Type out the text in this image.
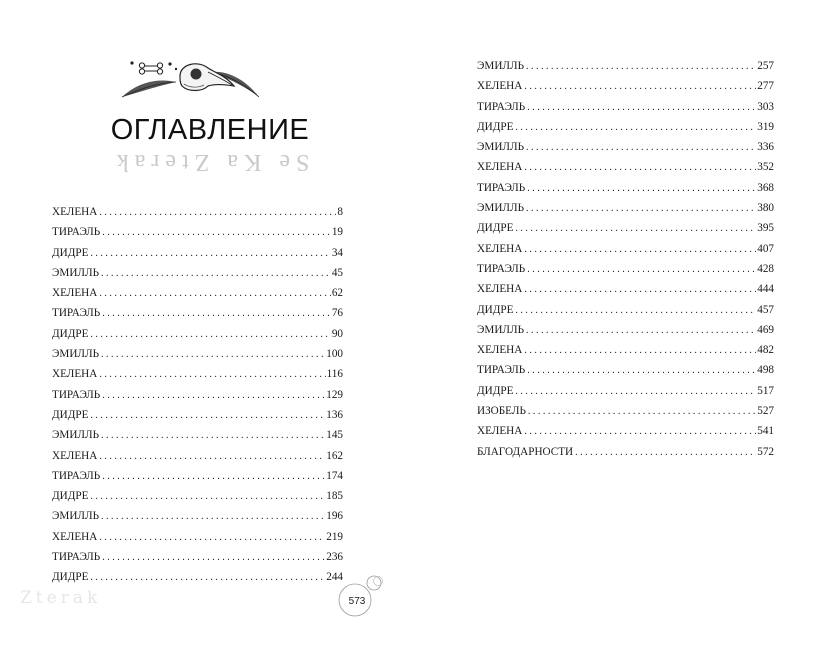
ОГЛАВЛЕНИЕ
Se Ka Zterak
ХЕЛЕНА . . .	8
ТИРАЭЛЬ . . .	19
ДИДРЕ . . .	34
ЭМИЛЛЬ . . .	45
ХЕЛЕНА . . .	62
ТИРАЭЛЬ . . .	76
ДИДРЕ . . .	90
ЭМИЛЛЬ . . .	100
ХЕЛЕНА . . .	116
ТИРАЭЛЬ . . .	129
ДИДРЕ . . .	136
ЭМИЛЛЬ . . .	145
ХЕЛЕНА . . .	162
ТИРАЭЛЬ . . .	174
ДИДРЕ . . .	185
ЭМИЛЛЬ . . .	196
ХЕЛЕНА . . .	219
ТИРАЭЛЬ . . .	236
ДИДРЕ . . .	244
Zterak	573
ЭМИЛЛЬ . . .	257
ХЕЛЕНА . . .	277
ТИРАЭЛЬ . . .	303
ДИДРЕ . . .	319
ЭМИЛЛЬ . . .	336
ХЕЛЕНА . . .	352
ТИРАЭЛЬ . . .	368
ЭМИЛЛЬ . . .	380
ДИДРЕ . . .	395
ХЕЛЕНА . . .	407
ТИРАЭЛЬ . . .	428
ХЕЛЕНА . . .	444
ДИДРЕ . . .	457
ЭМИЛЛЬ . . .	469
ХЕЛЕНА . . .	482
ТИРАЭЛЬ . . .	498
ДИДРЕ . . .	517
ИЗОБЕЛЬ . . .	527
ХЕЛЕНА . . .	541
БЛАГОДАРНОСТИ . . .	572
